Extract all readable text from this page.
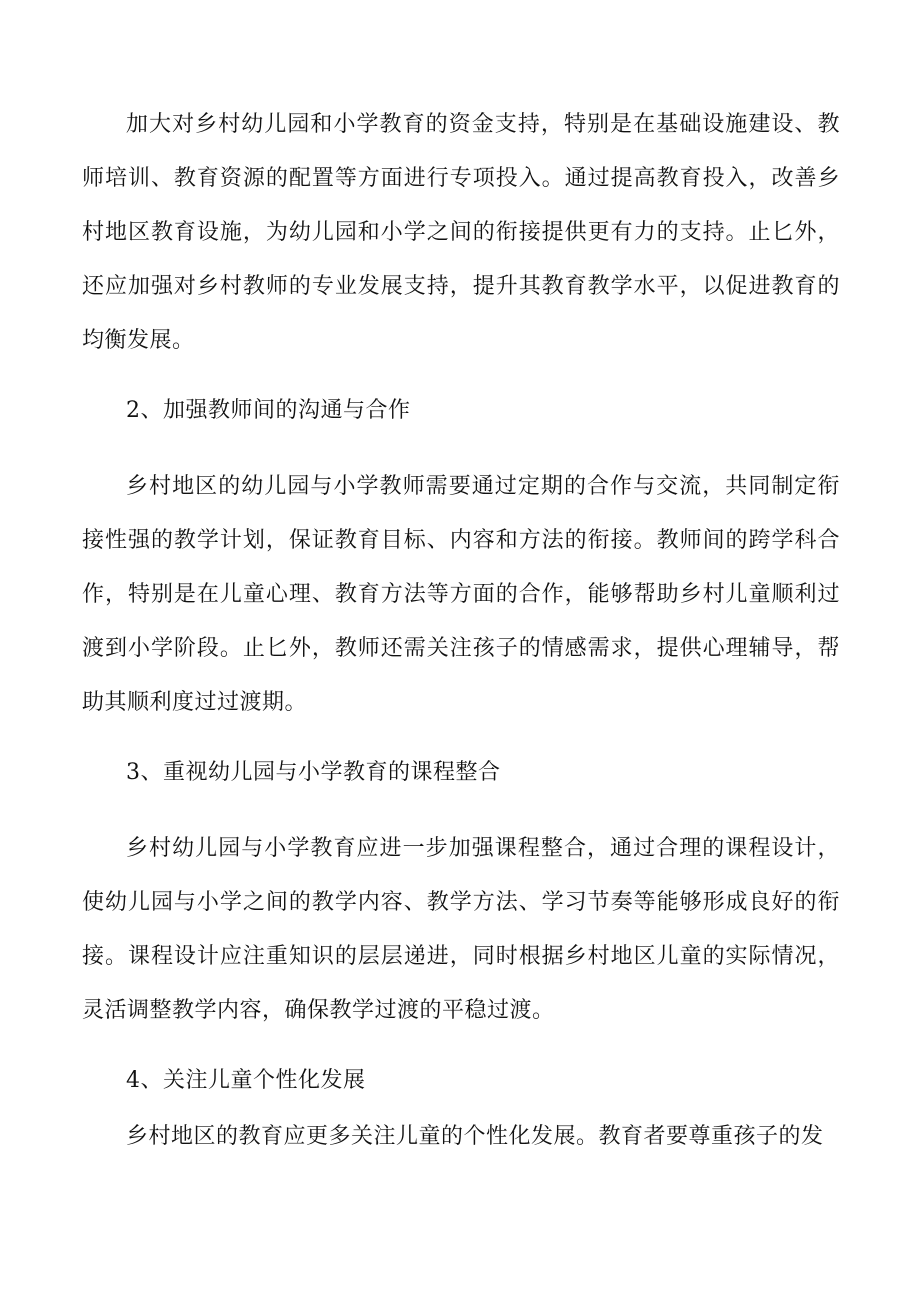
加大对乡村幼儿园和小学教育的资金支持，特别是在基础设施建设、教师培训、教育资源的配置等方面进行专项投入。通过提高教育投入，改善乡村地区教育设施，为幼儿园和小学之间的衔接提供更有力的支持。止匕外，还应加强对乡村教师的专业发展支持，提升其教育教学水平，以促进教育的均衡发展。

2、加强教师间的沟通与合作

乡村地区的幼儿园与小学教师需要通过定期的合作与交流，共同制定衔接性强的教学计划，保证教育目标、内容和方法的衔接。教师间的跨学科合作，特别是在儿童心理、教育方法等方面的合作，能够帮助乡村儿童顺利过渡到小学阶段。止匕外，教师还需关注孩子的情感需求，提供心理辅导，帮助其顺利度过过渡期。

3、重视幼儿园与小学教育的课程整合

乡村幼儿园与小学教育应进一步加强课程整合，通过合理的课程设计，使幼儿园与小学之间的教学内容、教学方法、学习节奏等能够形成良好的衔接。课程设计应注重知识的层层递进，同时根据乡村地区儿童的实际情况，灵活调整教学内容，确保教学过渡的平稳过渡。

4、关注儿童个性化发展

乡村地区的教育应更多关注儿童的个性化发展。教育者要尊重孩子的发
